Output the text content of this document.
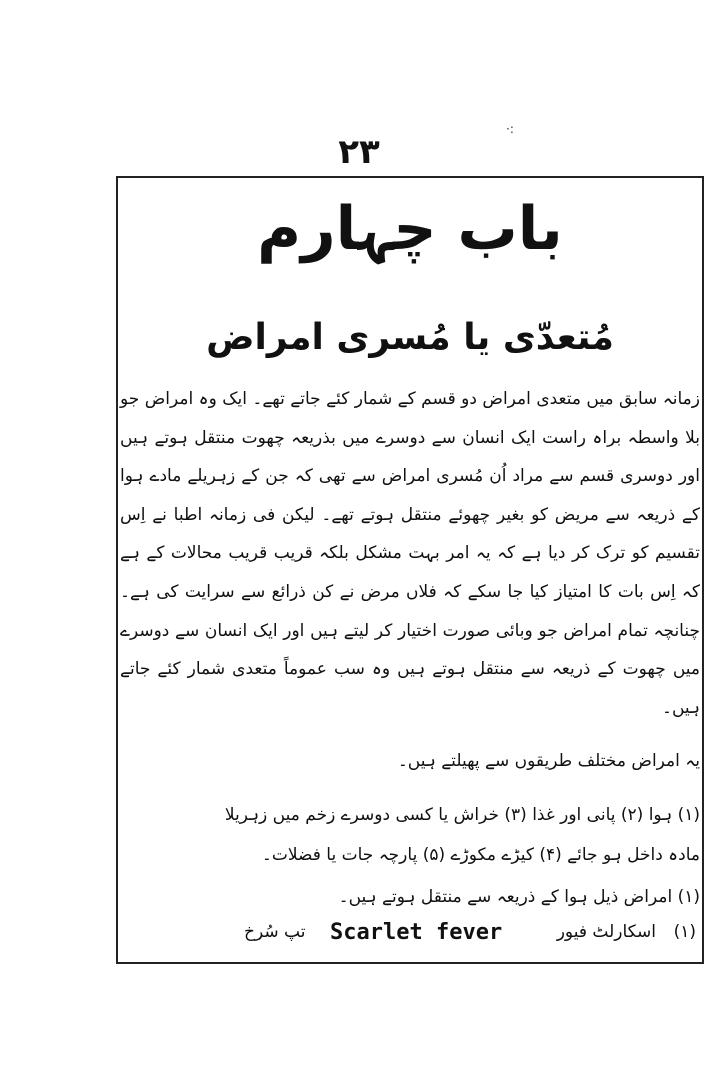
·:
۲۳
باب چہارم
مُتعدّی یا مُسری امراض

زمانہ سابق میں متعدی امراض دو قسم کے شمار کئے جاتے تھے۔ ایک وہ امراض جو بلا واسطہ براہ راست ایک انسان سے دوسرے میں بذریعہ چھوت منتقل ہوتے ہیں اور دوسری قسم سے مراد اُن مُسری امراض سے تھی کہ جن کے زہریلے مادے ہوا کے ذریعہ سے مریض کو بغیر چھوئے منتقل ہوتے تھے۔ لیکن فی زمانہ اطبا نے اِس تقسیم کو ترک کر دیا ہے کہ یہ امر بہت مشکل بلکہ قریب قریب محالات کے ہے کہ اِس بات کا امتیاز کیا جا سکے کہ فلاں مرض نے کن ذرائع سے سرایت کی ہے۔ چنانچہ تمام امراض جو وبائی صورت اختیار کر لیتے ہیں اور ایک انسان سے دوسرے میں چھوت کے ذریعہ سے منتقل ہوتے ہیں وہ سب عموماً متعدی شمار کئے جاتے ہیں۔

یہ امراض مختلف طریقوں سے پھیلتے ہیں۔
(۱) ہوا (۲) پانی اور غذا (۳) خراش یا کسی دوسرے زخم میں زہریلا
مادہ داخل ہو جائے (۴) کیڑے مکوڑے (۵) پارچہ جات یا فضلات۔
(۱) امراض ذیل ہوا کے ذریعہ سے منتقل ہوتے ہیں۔
(۱)
اسکارلٹ فیور
Scarlet fever
تپ سُرخ
